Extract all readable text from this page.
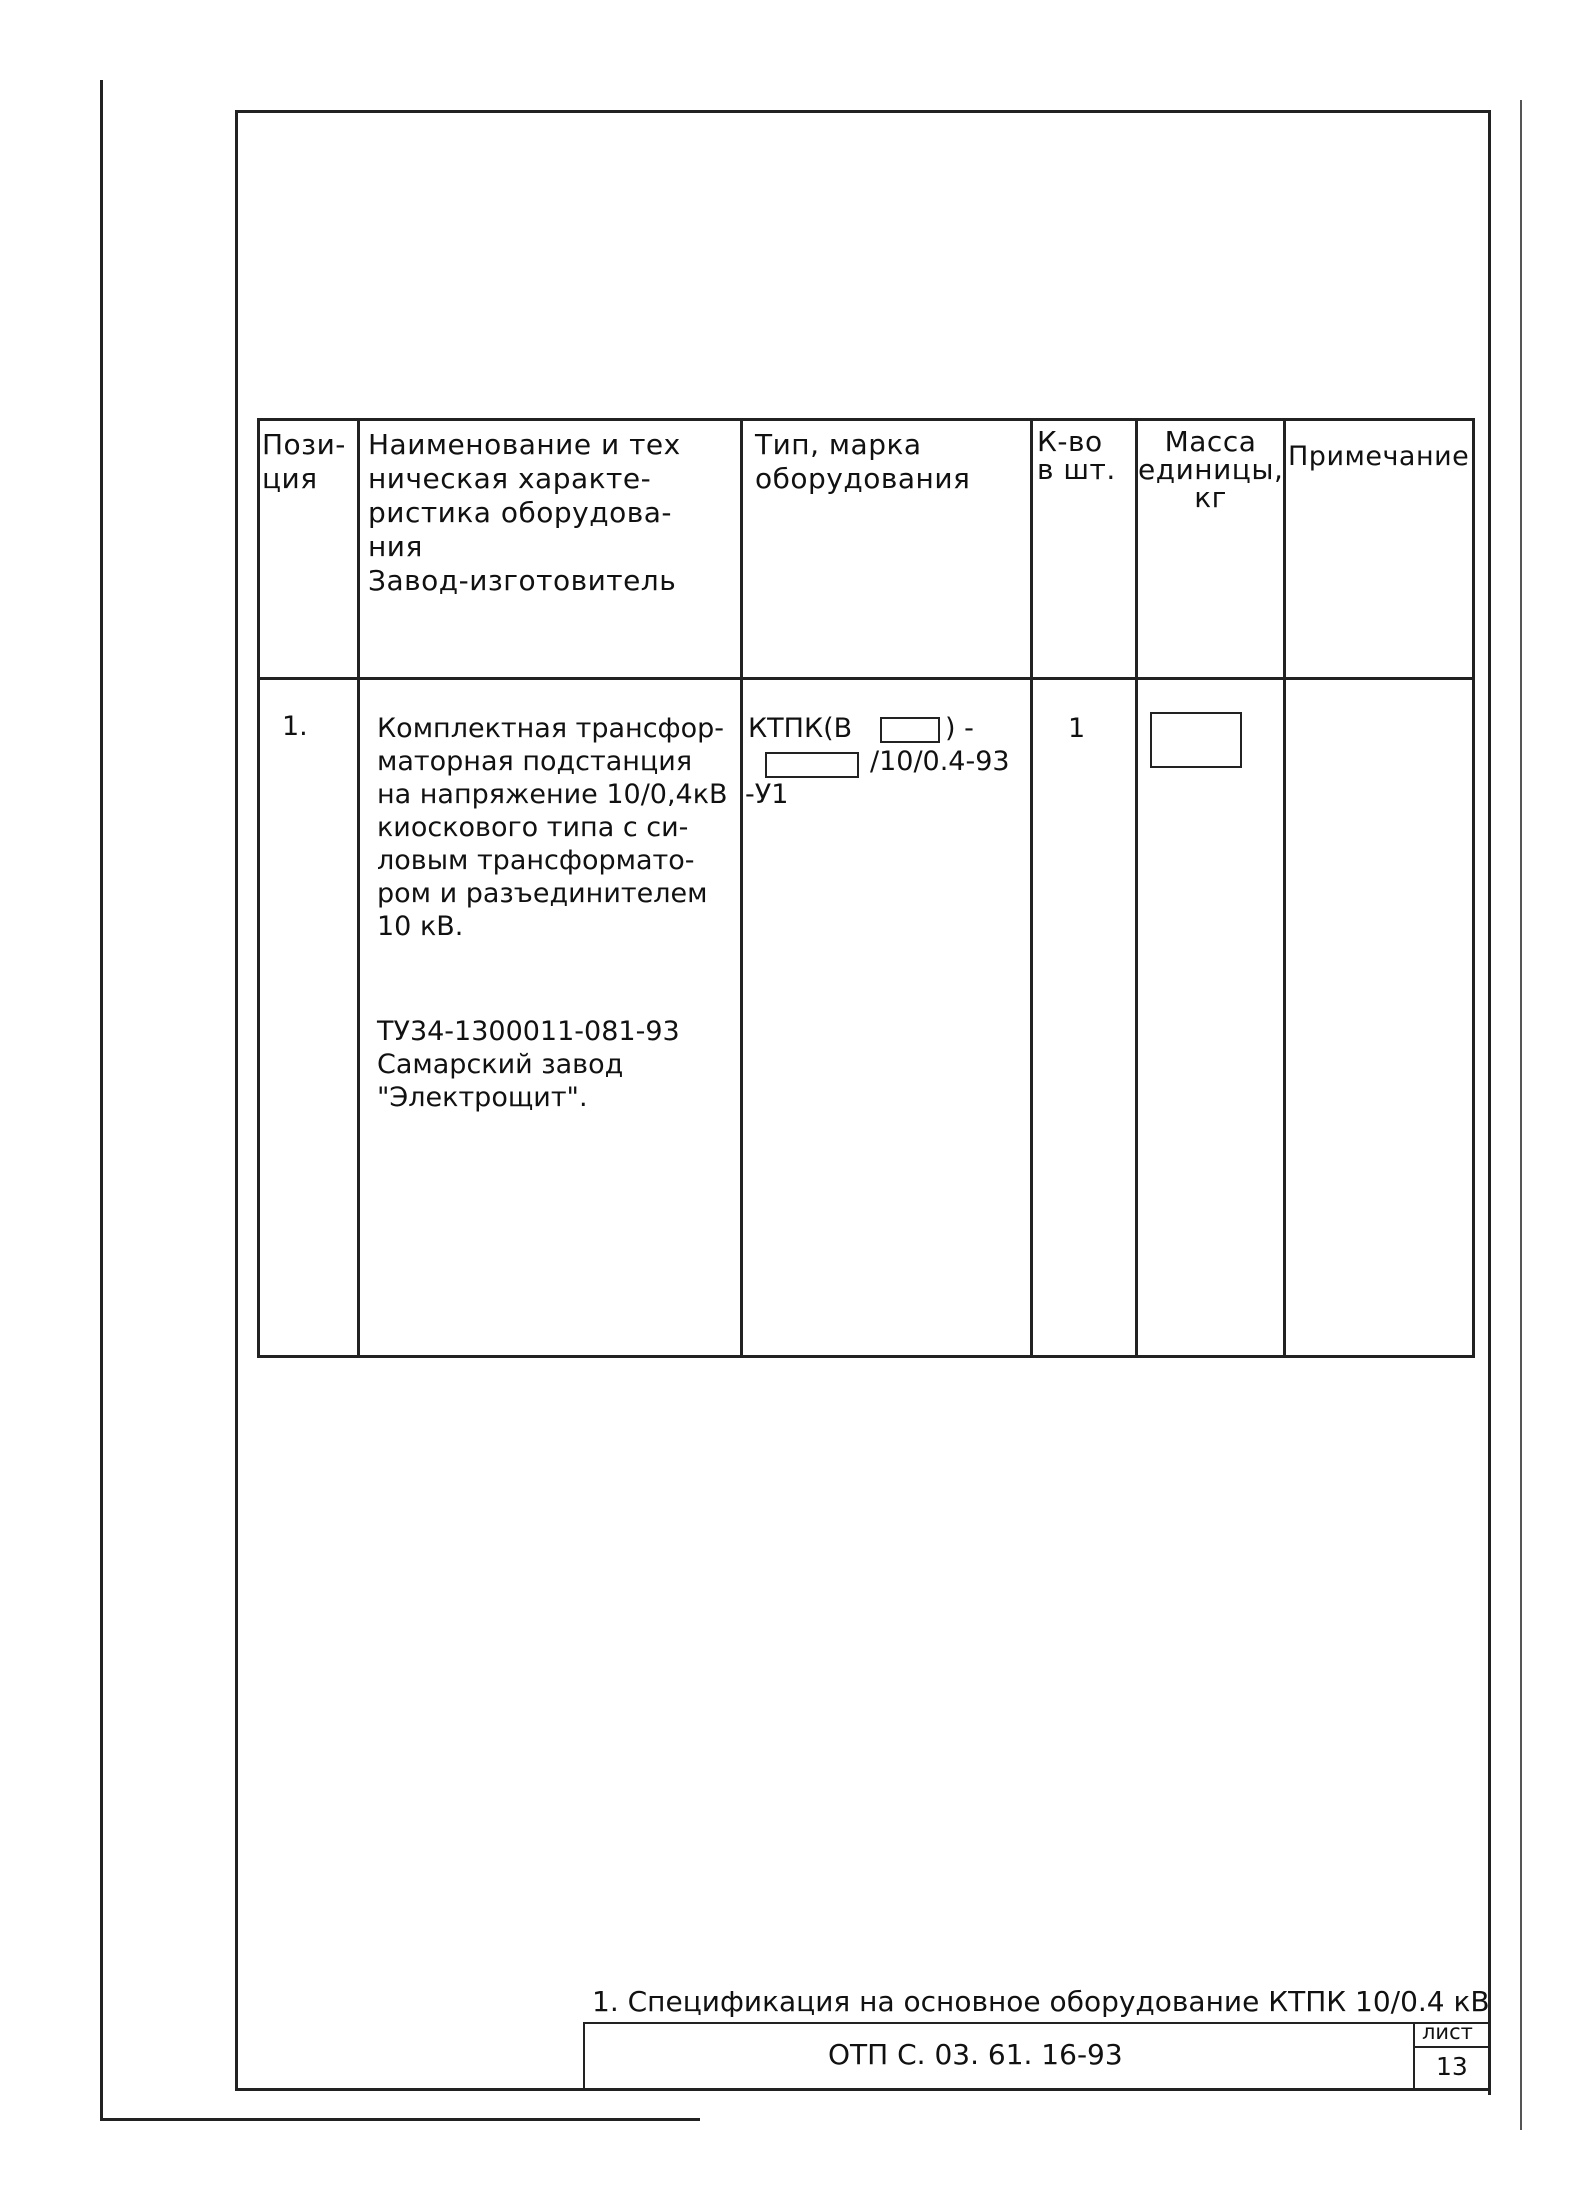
Пози-
ция
Наименование и тех
ническая характе-
ристика оборудова-
ния
Завод-изготовитель
Тип, марка
оборудования
К-во
в шт.
Масса
единицы,
кг
Примечание
1.	Комплектная трансфор-
маторная подстанция
на напряжение 10/0,4кВ
киоскового типа с си-
ловым трансформато-
ром и разъединителем
10 кВ.
ТУ34-1300011-081-93
Самарский завод
"Электрощит".
КТПК(В	) -
/10/0.4-93
-У1
1
1. Спецификация на основное оборудование КТПК 10/0.4 кВ
ОТП С. 03. 61. 16-93
лист
13
